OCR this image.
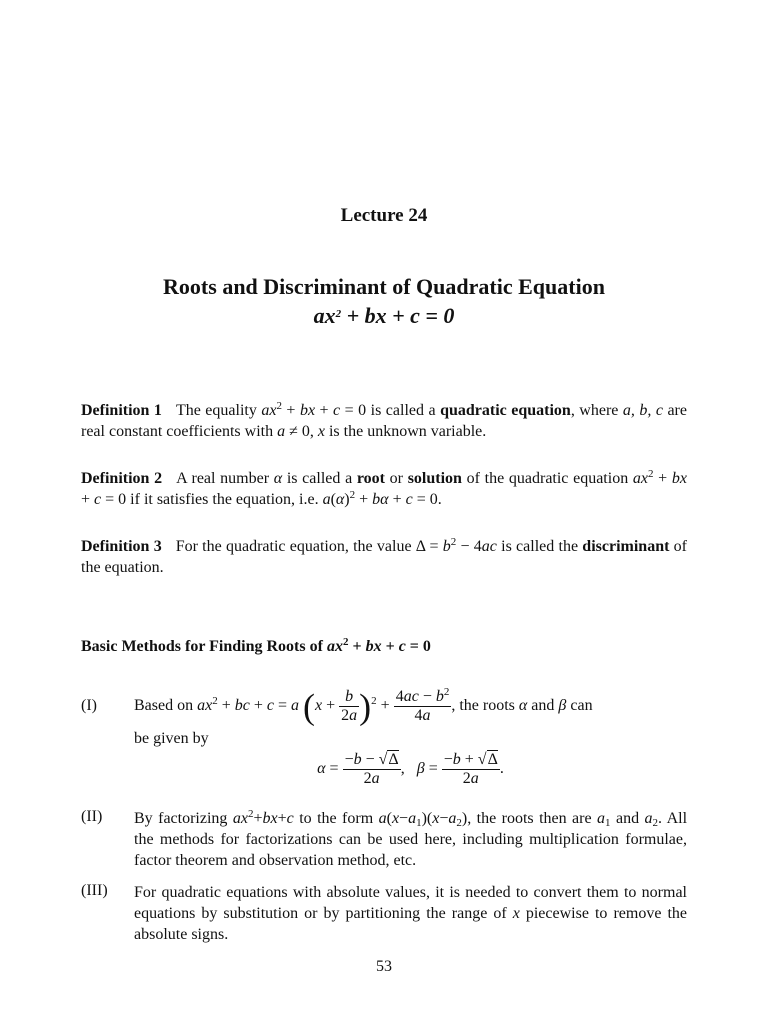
Lecture 24
Roots and Discriminant of Quadratic Equation
$ax^2$ + bx + c = 0
Definition 1 The equality $ax^2$ + bx + c = 0 is called a quadratic equation, where a, b, c are real constant coefficients with a ≠ 0, x is the unknown variable.
Definition 2 A real number α is called a root or solution of the quadratic equation $ax^2$ + bx + c = 0 if it satisfies the equation, i.e. $a(\alpha)^2 + b\alpha + c = 0$.
Definition 3 For the quadratic equation, the value $\Delta = b^2 - 4ac$ is called the discriminant of the equation.
Basic Methods for Finding Roots of $ax^2$ + bx + c = 0
(I) Based on $ax^2$ + bc + c = a $(x + \frac{b}{2a} )^2 + \frac{4ac - b^2}{4a}$ , the roots α and β can
be given by
$\alpha = \frac{-b - √\Delta}{2a}$ ,   $\beta = \frac{-b + √\Delta}{2a}$ .
(II) By factorizing $ax^2+bx+c$ to the form $a(x-a_1)(x-a_2)$, the roots then are $a_1$ and $a_2$. All the methods for factorizations can be used here, including multiplication formulae, factor theorem and observation method, etc.
(III) For quadratic equations with absolute values, it is needed to convert them to normal equations by substitution or by partitioning the range of x piecewise to remove the absolute signs.
53
